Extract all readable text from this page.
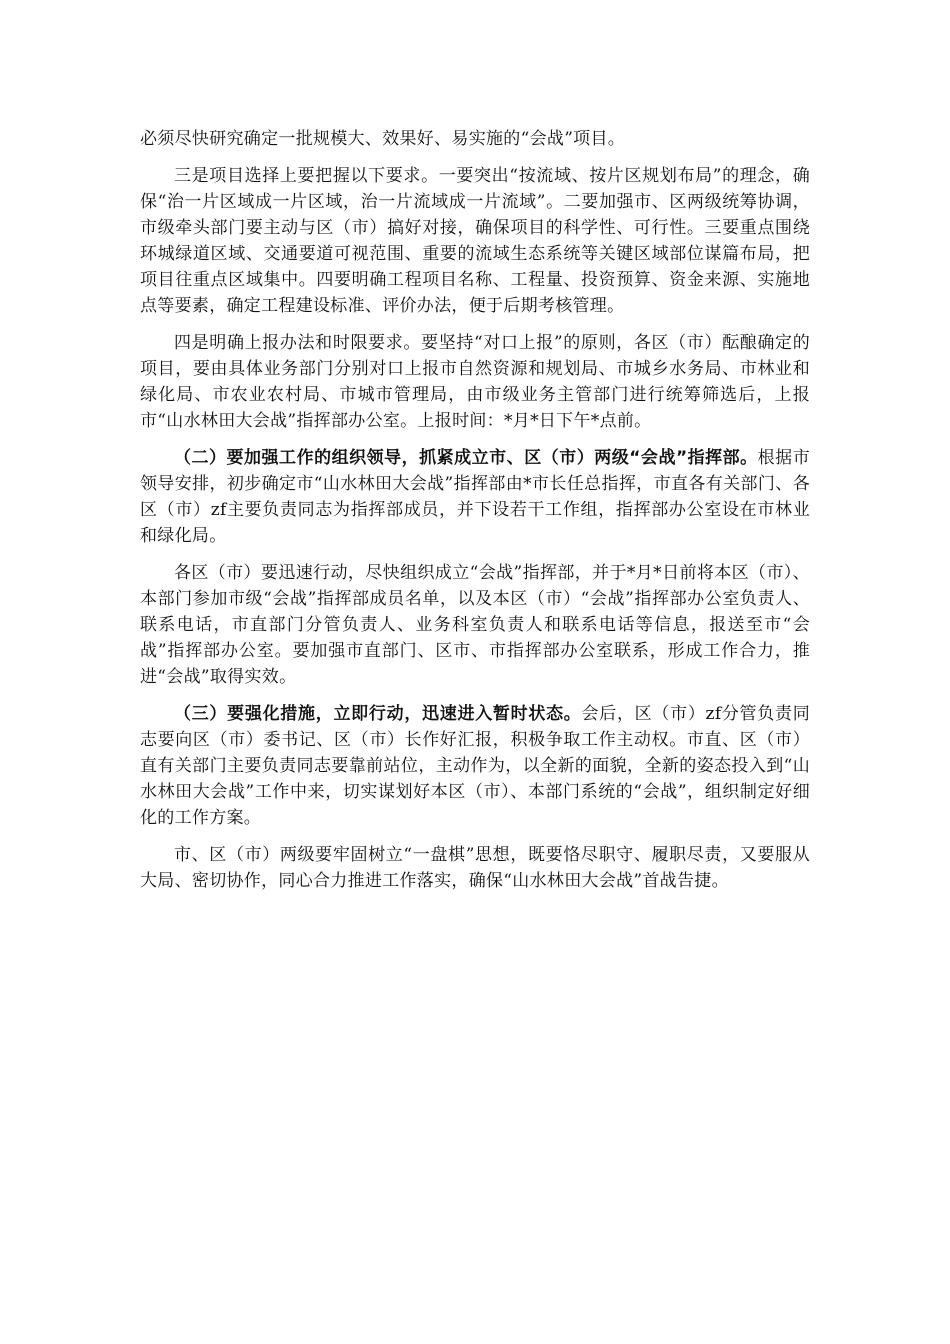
必须尽快研究确定一批规模大、效果好、易实施的“会战”项目。

三是项目选择上要把握以下要求。一要突出“按流域、按片区规划布局”的理念，确保“治一片区域成一片区域，治一片流域成一片流域”。二要加强市、区两级统筹协调，市级牵头部门要主动与区（市）搞好对接，确保项目的科学性、可行性。三要重点围绕环城绿道区域、交通要道可视范围、重要的流域生态系统等关键区域部位谋篇布局，把项目往重点区域集中。四要明确工程项目名称、工程量、投资预算、资金来源、实施地点等要素，确定工程建设标准、评价办法，便于后期考核管理。

四是明确上报办法和时限要求。要坚持“对口上报”的原则，各区（市）酝酿确定的项目，要由具体业务部门分别对口上报市自然资源和规划局、市城乡水务局、市林业和绿化局、市农业农村局、市城市管理局，由市级业务主管部门进行统筹筛选后，上报市“山水林田大会战”指挥部办公室。上报时间：*月*日下午*点前。

（二）要加强工作的组织领导，抓紧成立市、区（市）两级“会战”指挥部。根据市领导安排，初步确定市“山水林田大会战”指挥部由*市长任总指挥，市直各有关部门、各区（市）zf主要负责同志为指挥部成员，并下设若干工作组，指挥部办公室设在市林业和绿化局。

各区（市）要迅速行动，尽快组织成立“会战”指挥部，并于*月*日前将本区（市）、本部门参加市级“会战”指挥部成员名单，以及本区（市）“会战”指挥部办公室负责人、联系电话，市直部门分管负责人、业务科室负责人和联系电话等信息，报送至市“会战”指挥部办公室。要加强市直部门、区市、市指挥部办公室联系，形成工作合力，推进“会战”取得实效。

（三）要强化措施，立即行动，迅速进入暂时状态。会后，区（市）zf分管负责同志要向区（市）委书记、区（市）长作好汇报，积极争取工作主动权。市直、区（市）直有关部门主要负责同志要靠前站位，主动作为，以全新的面貌，全新的姿态投入到“山水林田大会战”工作中来，切实谋划好本区（市）、本部门系统的“会战”，组织制定好细化的工作方案。

市、区（市）两级要牢固树立“一盘棋”思想，既要恪尽职守、履职尽责，又要服从大局、密切协作，同心合力推进工作落实，确保“山水林田大会战”首战告捷。
